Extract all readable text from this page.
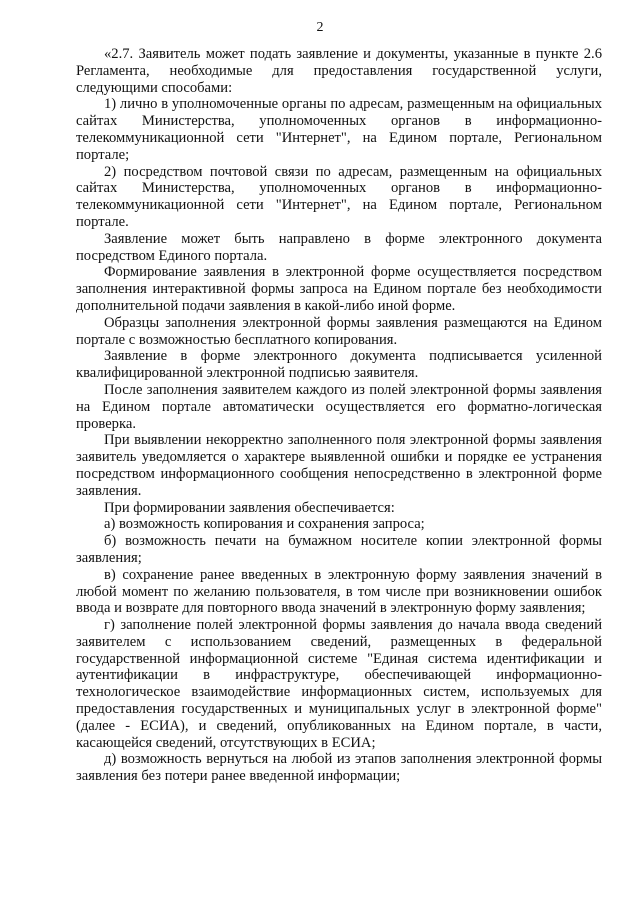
2

«2.7. Заявитель может подать заявление и документы, указанные в пункте 2.6 Регламента, необходимые для предоставления государственной услуги, следующими способами:

1) лично в уполномоченные органы по адресам, размещенным на официальных сайтах Министерства, уполномоченных органов в информационно-телекоммуникационной сети "Интернет", на Едином портале, Региональном портале;

2) посредством почтовой связи по адресам, размещенным на официальных сайтах Министерства, уполномоченных органов в информационно-телекоммуникационной сети "Интернет", на Едином портале, Региональном портале.

Заявление может быть направлено в форме электронного документа посредством Единого портала.

Формирование заявления в электронной форме осуществляется посредством заполнения интерактивной формы запроса на Едином портале без необходимости дополнительной подачи заявления в какой-либо иной форме.

Образцы заполнения электронной формы заявления размещаются на Едином портале с возможностью бесплатного копирования.

Заявление в форме электронного документа подписывается усиленной квалифицированной электронной подписью заявителя.

После заполнения заявителем каждого из полей электронной формы заявления на Едином портале автоматически осуществляется его форматно-логическая проверка.

При выявлении некорректно заполненного поля электронной формы заявления заявитель уведомляется о характере выявленной ошибки и порядке ее устранения посредством информационного сообщения непосредственно в электронной форме заявления.

При формировании заявления обеспечивается:

а) возможность копирования и сохранения запроса;

б) возможность печати на бумажном носителе копии электронной формы заявления;

в) сохранение ранее введенных в электронную форму заявления значений в любой момент по желанию пользователя, в том числе при возникновении ошибок ввода и возврате для повторного ввода значений в электронную форму заявления;

г) заполнение полей электронной формы заявления до начала ввода сведений заявителем с использованием сведений, размещенных в федеральной государственной информационной системе "Единая система идентификации и аутентификации в инфраструктуре, обеспечивающей информационно-технологическое взаимодействие информационных систем, используемых для предоставления государственных и муниципальных услуг в электронной форме" (далее - ЕСИА), и сведений, опубликованных на Едином портале, в части, касающейся сведений, отсутствующих в ЕСИА;

д) возможность вернуться на любой из этапов заполнения электронной формы заявления без потери ранее введенной информации;
